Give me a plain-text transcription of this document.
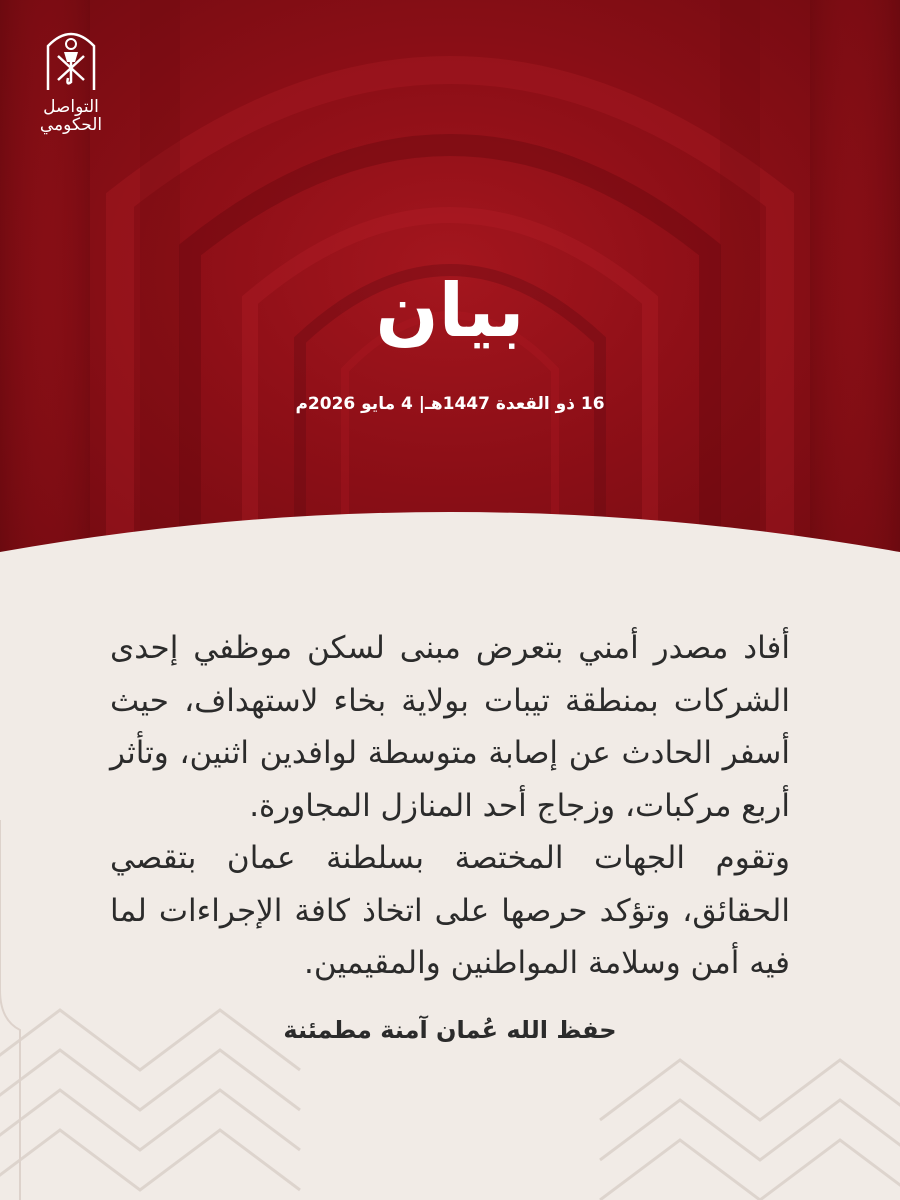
التواصل
الحكومي
بيان
16 ذو القعدة 1447هـ| 4 مايو 2026م

أفاد مصدر أمني بتعرض مبنى لسكن موظفي إحدى الشركات بمنطقة تيبات بولاية بخاء لاستهداف، حيث أسفر الحادث عن إصابة متوسطة لوافدين اثنين، وتأثر أربع مركبات، وزجاج أحد المنازل المجاورة.

وتقوم الجهات المختصة بسلطنة عمان بتقصي الحقائق، وتؤكد حرصها على اتخاذ كافة الإجراءات لما فيه أمن وسلامة المواطنين والمقيمين.

حفظ الله عُمان آمنة مطمئنة
